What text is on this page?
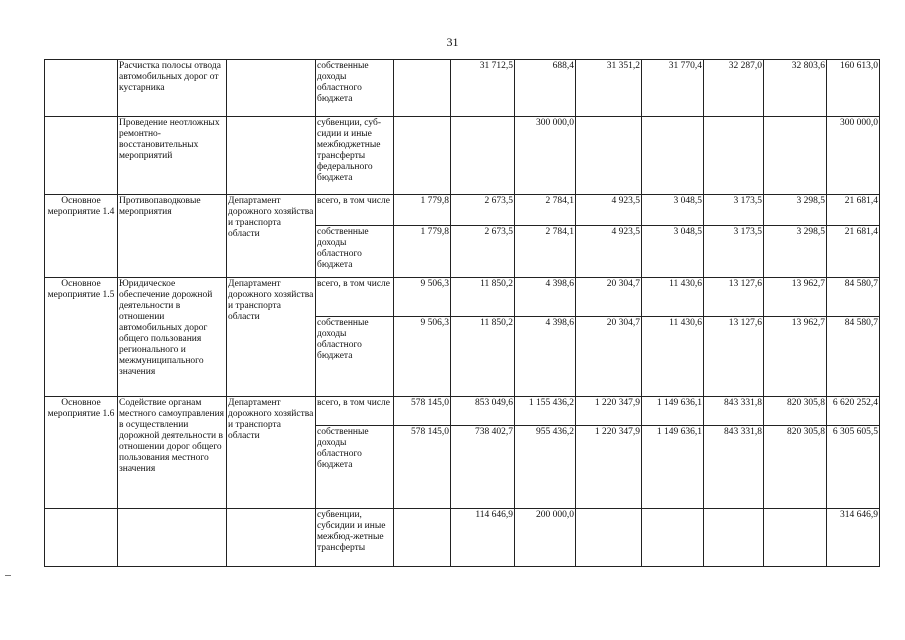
31
	Расчистка полосы отвода автомобильных дорог от кустарника		собственные доходы областного бюджета		31 712,5	688,4	31 351,2	31 770,4	32 287,0	32 803,6	160 613,0
	Проведение неотложных ремонтно-восстановительных мероприятий		субвенции, суб-сидии и иные межбюджетные трансферты федерального бюджета			300 000,0					300 000,0
Основное мероприятие 1.4	Противопаводковые мероприятия	Департамент дорожного хозяйства и транспорта области	всего, в том числе	1 779,8	2 673,5	2 784,1	4 923,5	3 048,5	3 173,5	3 298,5	21 681,4
			собственные доходы областного бюджета	1 779,8	2 673,5	2 784,1	4 923,5	3 048,5	3 173,5	3 298,5	21 681,4
Основное мероприятие 1.5	Юридическое обеспечение дорожной деятельности в отношении автомобильных дорог общего пользования регионального и межмуниципального значения	Департамент дорожного хозяйства и транспорта области	всего, в том числе	9 506,3	11 850,2	4 398,6	20 304,7	11 430,6	13 127,6	13 962,7	84 580,7
			собственные доходы областного бюджета	9 506,3	11 850,2	4 398,6	20 304,7	11 430,6	13 127,6	13 962,7	84 580,7
Основное мероприятие 1.6	Содействие органам местного самоуправления в осуществлении дорожной деятельности в отношении дорог общего пользования местного значения	Департамент дорожного хозяйства и транспорта области	всего, в том числе	578 145,0	853 049,6	1 155 436,2	1 220 347,9	1 149 636,1	843 331,8	820 305,8	6 620 252,4
			собственные доходы областного бюджета	578 145,0	738 402,7	955 436,2	1 220 347,9	1 149 636,1	843 331,8	820 305,8	6 305 605,5
			субвенции, субсидии и иные межбюд-жетные трансферты		114 646,9	200 000,0					314 646,9
